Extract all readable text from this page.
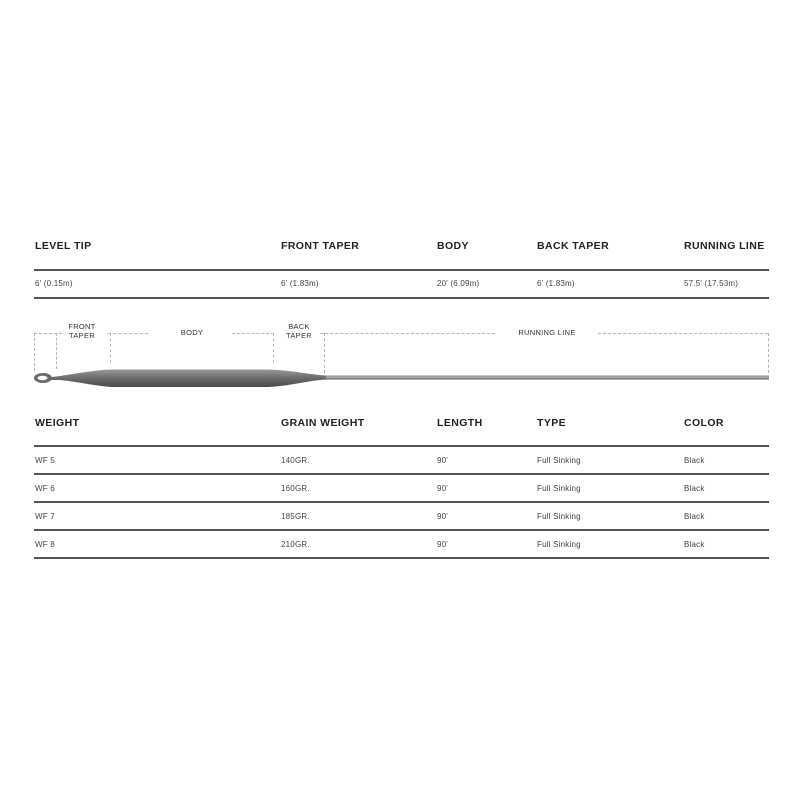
LEVEL TIP	FRONT TAPER	BODY	BACK TAPER	RUNNING LINE
6' (0.15m)	6' (1.83m)	20' (6.09m)	6' (1.83m)	57.5' (17.53m)
FRONT
TAPER	BODY
BACK
TAPER	RUNNING LINE
WEIGHT	GRAIN WEIGHT	LENGTH	TYPE	COLOR
WF 5	140GR.	90'	Full Sinking	Black
WF 6	160GR.	90'	Full Sinking	Black
WF 7	185GR.	90'	Full Sinking	Black
WF 8	210GR.	90'	Full Sinking	Black
